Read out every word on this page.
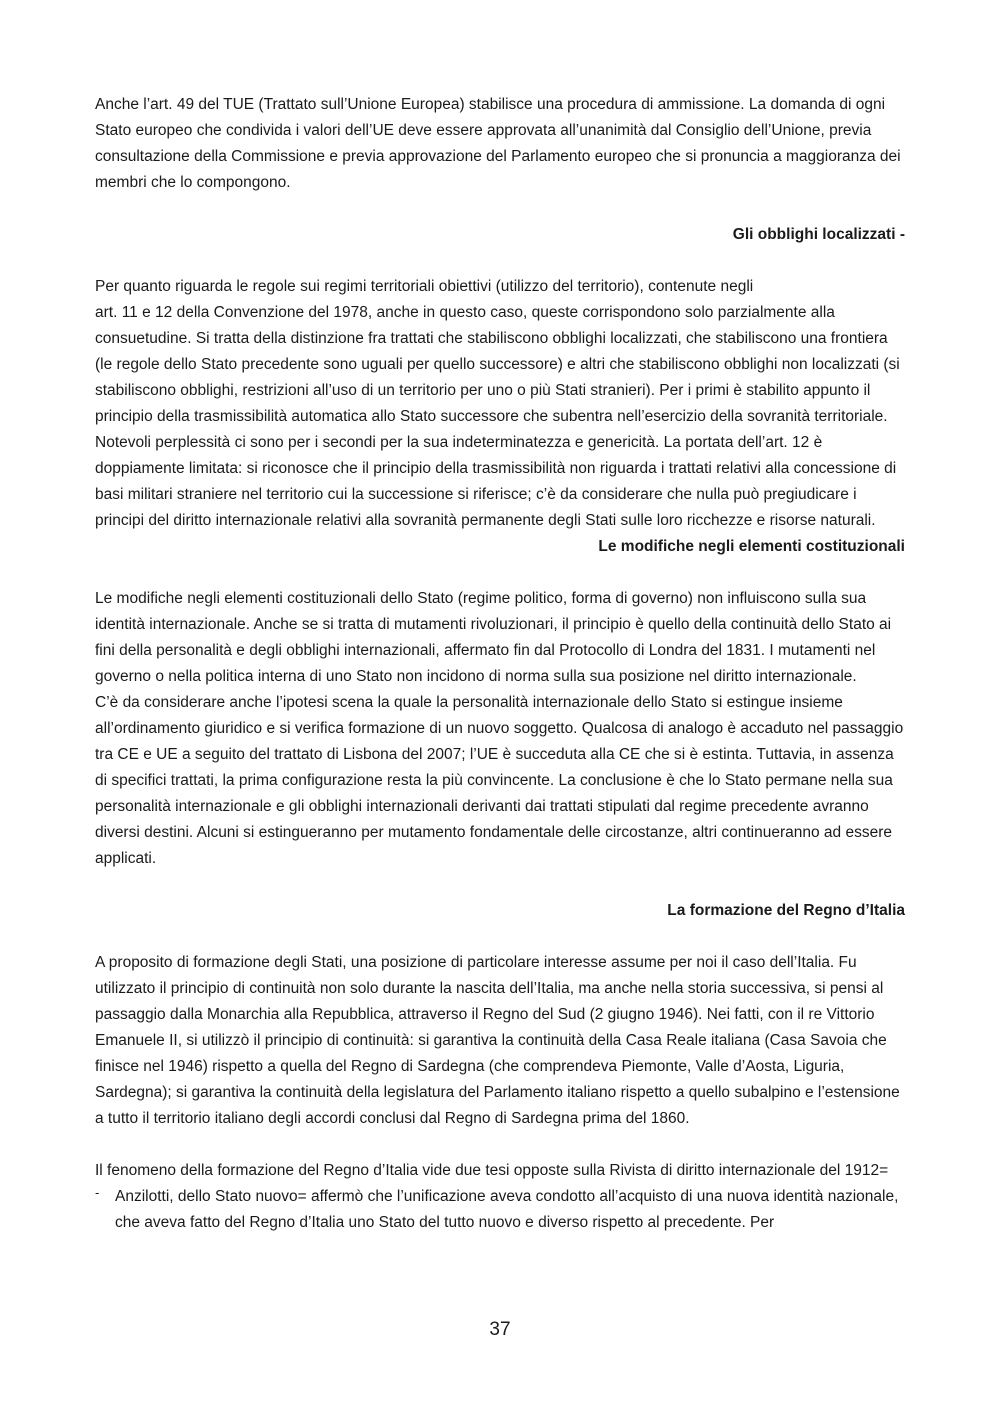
Anche l’art. 49 del TUE (Trattato sull’Unione Europea) stabilisce una procedura di ammissione. La domanda di ogni Stato europeo che condivida i valori dell’UE deve essere approvata all’unanimità dal Consiglio dell’Unione, previa consultazione della Commissione e previa approvazione del Parlamento europeo che si pronuncia a maggioranza dei membri che lo compongono.

Gli obblighi localizzati -

Per quanto riguarda le regole sui regimi territoriali obiettivi (utilizzo del territorio), contenute negli

art. 11 e 12 della Convenzione del 1978, anche in questo caso, queste corrispondono solo parzialmente alla consuetudine. Si tratta della distinzione fra trattati che stabiliscono obblighi localizzati, che stabiliscono una frontiera (le regole dello Stato precedente sono uguali per quello successore) e altri che stabiliscono obblighi non localizzati (si stabiliscono obblighi, restrizioni all’uso di un territorio per uno o più Stati stranieri). Per i primi è stabilito appunto il principio della trasmissibilità automatica allo Stato successore che subentra nell’esercizio della sovranità territoriale. Notevoli perplessità ci sono per i secondi per la sua indeterminatezza e genericità. La portata dell’art. 12 è doppiamente limitata: si riconosce che il principio della trasmissibilità non riguarda i trattati relativi alla concessione di basi militari straniere nel territorio cui la successione si riferisce; c’è da considerare che nulla può pregiudicare i principi del diritto internazionale relativi alla sovranità permanente degli Stati sulle loro ricchezze e risorse naturali.

Le modifiche negli elementi costituzionali

Le modifiche negli elementi costituzionali dello Stato (regime politico, forma di governo) non influiscono sulla sua identità internazionale. Anche se si tratta di mutamenti rivoluzionari, il principio è quello della continuità dello Stato ai fini della personalità e degli obblighi internazionali, affermato fin dal Protocollo di Londra del 1831. I mutamenti nel governo o nella politica interna di uno Stato non incidono di norma sulla sua posizione nel diritto internazionale.

C’è da considerare anche l’ipotesi scena la quale la personalità internazionale dello Stato si estingue insieme all’ordinamento giuridico e si verifica formazione di un nuovo soggetto. Qualcosa di analogo è accaduto nel passaggio tra CE e UE a seguito del trattato di Lisbona del 2007; l’UE è succeduta alla CE che si è estinta. Tuttavia, in assenza di specifici trattati, la prima configurazione resta la più convincente. La conclusione è che lo Stato permane nella sua personalità internazionale e gli obblighi internazionali derivanti dai trattati stipulati dal regime precedente avranno diversi destini. Alcuni si estingueranno per mutamento fondamentale delle circostanze, altri continueranno ad essere applicati.

La formazione del Regno d’Italia

A proposito di formazione degli Stati, una posizione di particolare interesse assume per noi il caso dell’Italia. Fu utilizzato il principio di continuità non solo durante la nascita dell’Italia, ma anche nella storia successiva, si pensi al passaggio dalla Monarchia alla Repubblica, attraverso il Regno del Sud (2 giugno 1946). Nei fatti, con il re Vittorio Emanuele II, si utilizzò il principio di continuità: si garantiva la continuità della Casa Reale italiana (Casa Savoia che finisce nel 1946) rispetto a quella del Regno di Sardegna (che comprendeva Piemonte, Valle d’Aosta, Liguria, Sardegna); si garantiva la continuità della legislatura del Parlamento italiano rispetto a quello subalpino e l’estensione a tutto il territorio italiano degli accordi conclusi dal Regno di Sardegna prima del 1860.

Il fenomeno della formazione del Regno d’Italia vide due tesi opposte sulla Rivista di diritto internazionale del 1912=

- Anzilotti, dello Stato nuovo= affermò che l’unificazione aveva condotto all’acquisto di una nuova identità nazionale, che aveva fatto del Regno d’Italia uno Stato del tutto nuovo e diverso rispetto al precedente. Per
37
